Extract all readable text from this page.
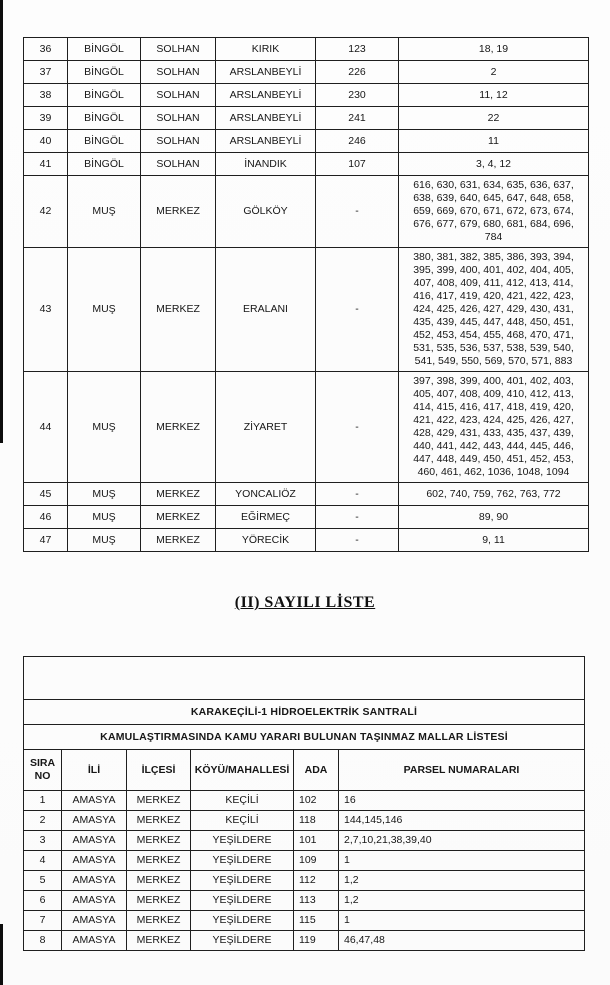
36	BİNGÖL	SOLHAN	KIRIK	123	18, 19
37	BİNGÖL	SOLHAN	ARSLANBEYLİ	226	2
38	BİNGÖL	SOLHAN	ARSLANBEYLİ	230	11, 12
39	BİNGÖL	SOLHAN	ARSLANBEYLİ	241	22
40	BİNGÖL	SOLHAN	ARSLANBEYLİ	246	11
41	BİNGÖL	SOLHAN	İNANDIK	107	3, 4, 12
42	MUŞ	MERKEZ	GÖLKÖY	-	616, 630, 631, 634, 635, 636, 637, 638, 639, 640, 645, 647, 648, 658, 659, 669, 670, 671, 672, 673, 674, 676, 677, 679, 680, 681, 684, 696, 784
43	MUŞ	MERKEZ	ERALANI	-	380, 381, 382, 385, 386, 393, 394, 395, 399, 400, 401, 402, 404, 405, 407, 408, 409, 411, 412, 413, 414, 416, 417, 419, 420, 421, 422, 423, 424, 425, 426, 427, 429, 430, 431, 435, 439, 445, 447, 448, 450, 451, 452, 453, 454, 455, 468, 470, 471, 531, 535, 536, 537, 538, 539, 540, 541, 549, 550, 569, 570, 571, 883
44	MUŞ	MERKEZ	ZİYARET	-	397, 398, 399, 400, 401, 402, 403, 405, 407, 408, 409, 410, 412, 413, 414, 415, 416, 417, 418, 419, 420, 421, 422, 423, 424, 425, 426, 427, 428, 429, 431, 433, 435, 437, 439, 440, 441, 442, 443, 444, 445, 446, 447, 448, 449, 450, 451, 452, 453, 460, 461, 462, 1036, 1048, 1094
45	MUŞ	MERKEZ	YONCALIÖZ	-	602, 740, 759, 762, 763, 772
46	MUŞ	MERKEZ	EĞİRMEÇ	-	89, 90
47	MUŞ	MERKEZ	YÖRECİK	-	9, 11
(II) SAYILI LİSTE

KARAKEÇİLİ-1 HİDROELEKTRİK SANTRALİ					
KAMULAŞTIRMASINDA KAMU YARARI BULUNAN TAŞINMAZ MALLAR LİSTESİ					
SIRA NO	İLİ	İLÇESİ	KÖYÜ/MAHALLESİ	ADA	PARSEL NUMARALARI
1	AMASYA	MERKEZ	KEÇİLİ	102	16
2	AMASYA	MERKEZ	KEÇİLİ	118	144,145,146
3	AMASYA	MERKEZ	YEŞİLDERE	101	2,7,10,21,38,39,40
4	AMASYA	MERKEZ	YEŞİLDERE	109	1
5	AMASYA	MERKEZ	YEŞİLDERE	112	1,2
6	AMASYA	MERKEZ	YEŞİLDERE	113	1,2
7	AMASYA	MERKEZ	YEŞİLDERE	115	1
8	AMASYA	MERKEZ	YEŞİLDERE	119	46,47,48
